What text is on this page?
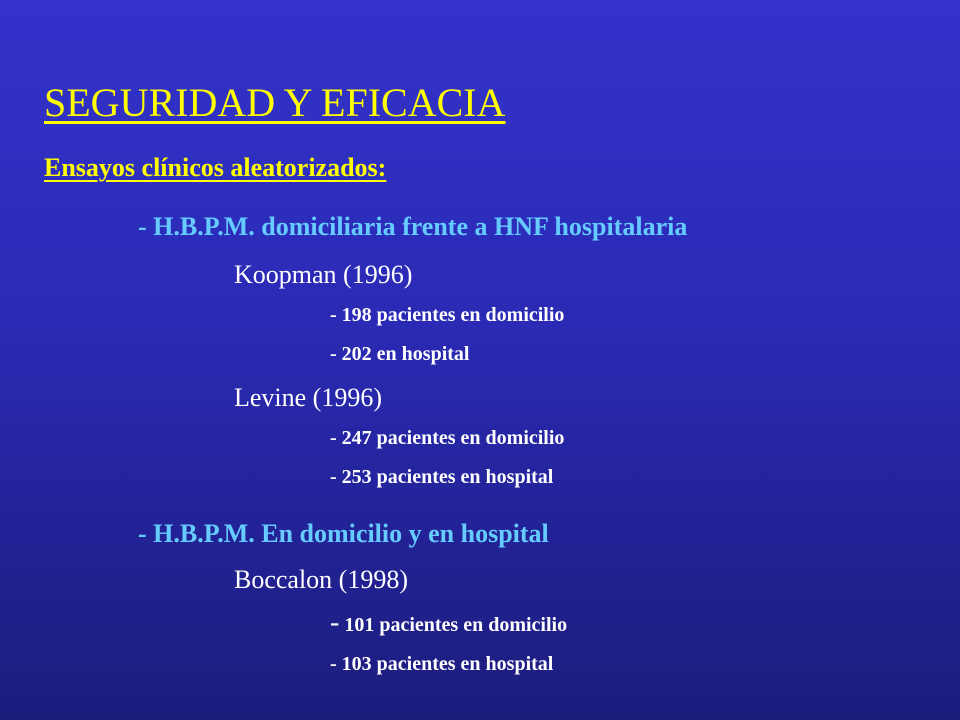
SEGURIDAD Y EFICACIA
Ensayos clínicos aleatorizados:
- H.B.P.M. domiciliaria frente a HNF hospitalaria
Koopman (1996)
- 198 pacientes en domicilio
- 202 en hospital
Levine (1996)
- 247 pacientes en domicilio
- 253 pacientes en hospital
- H.B.P.M. En domicilio y en hospital
Boccalon (1998)
- 101 pacientes en domicilio
- 103 pacientes en hospital
